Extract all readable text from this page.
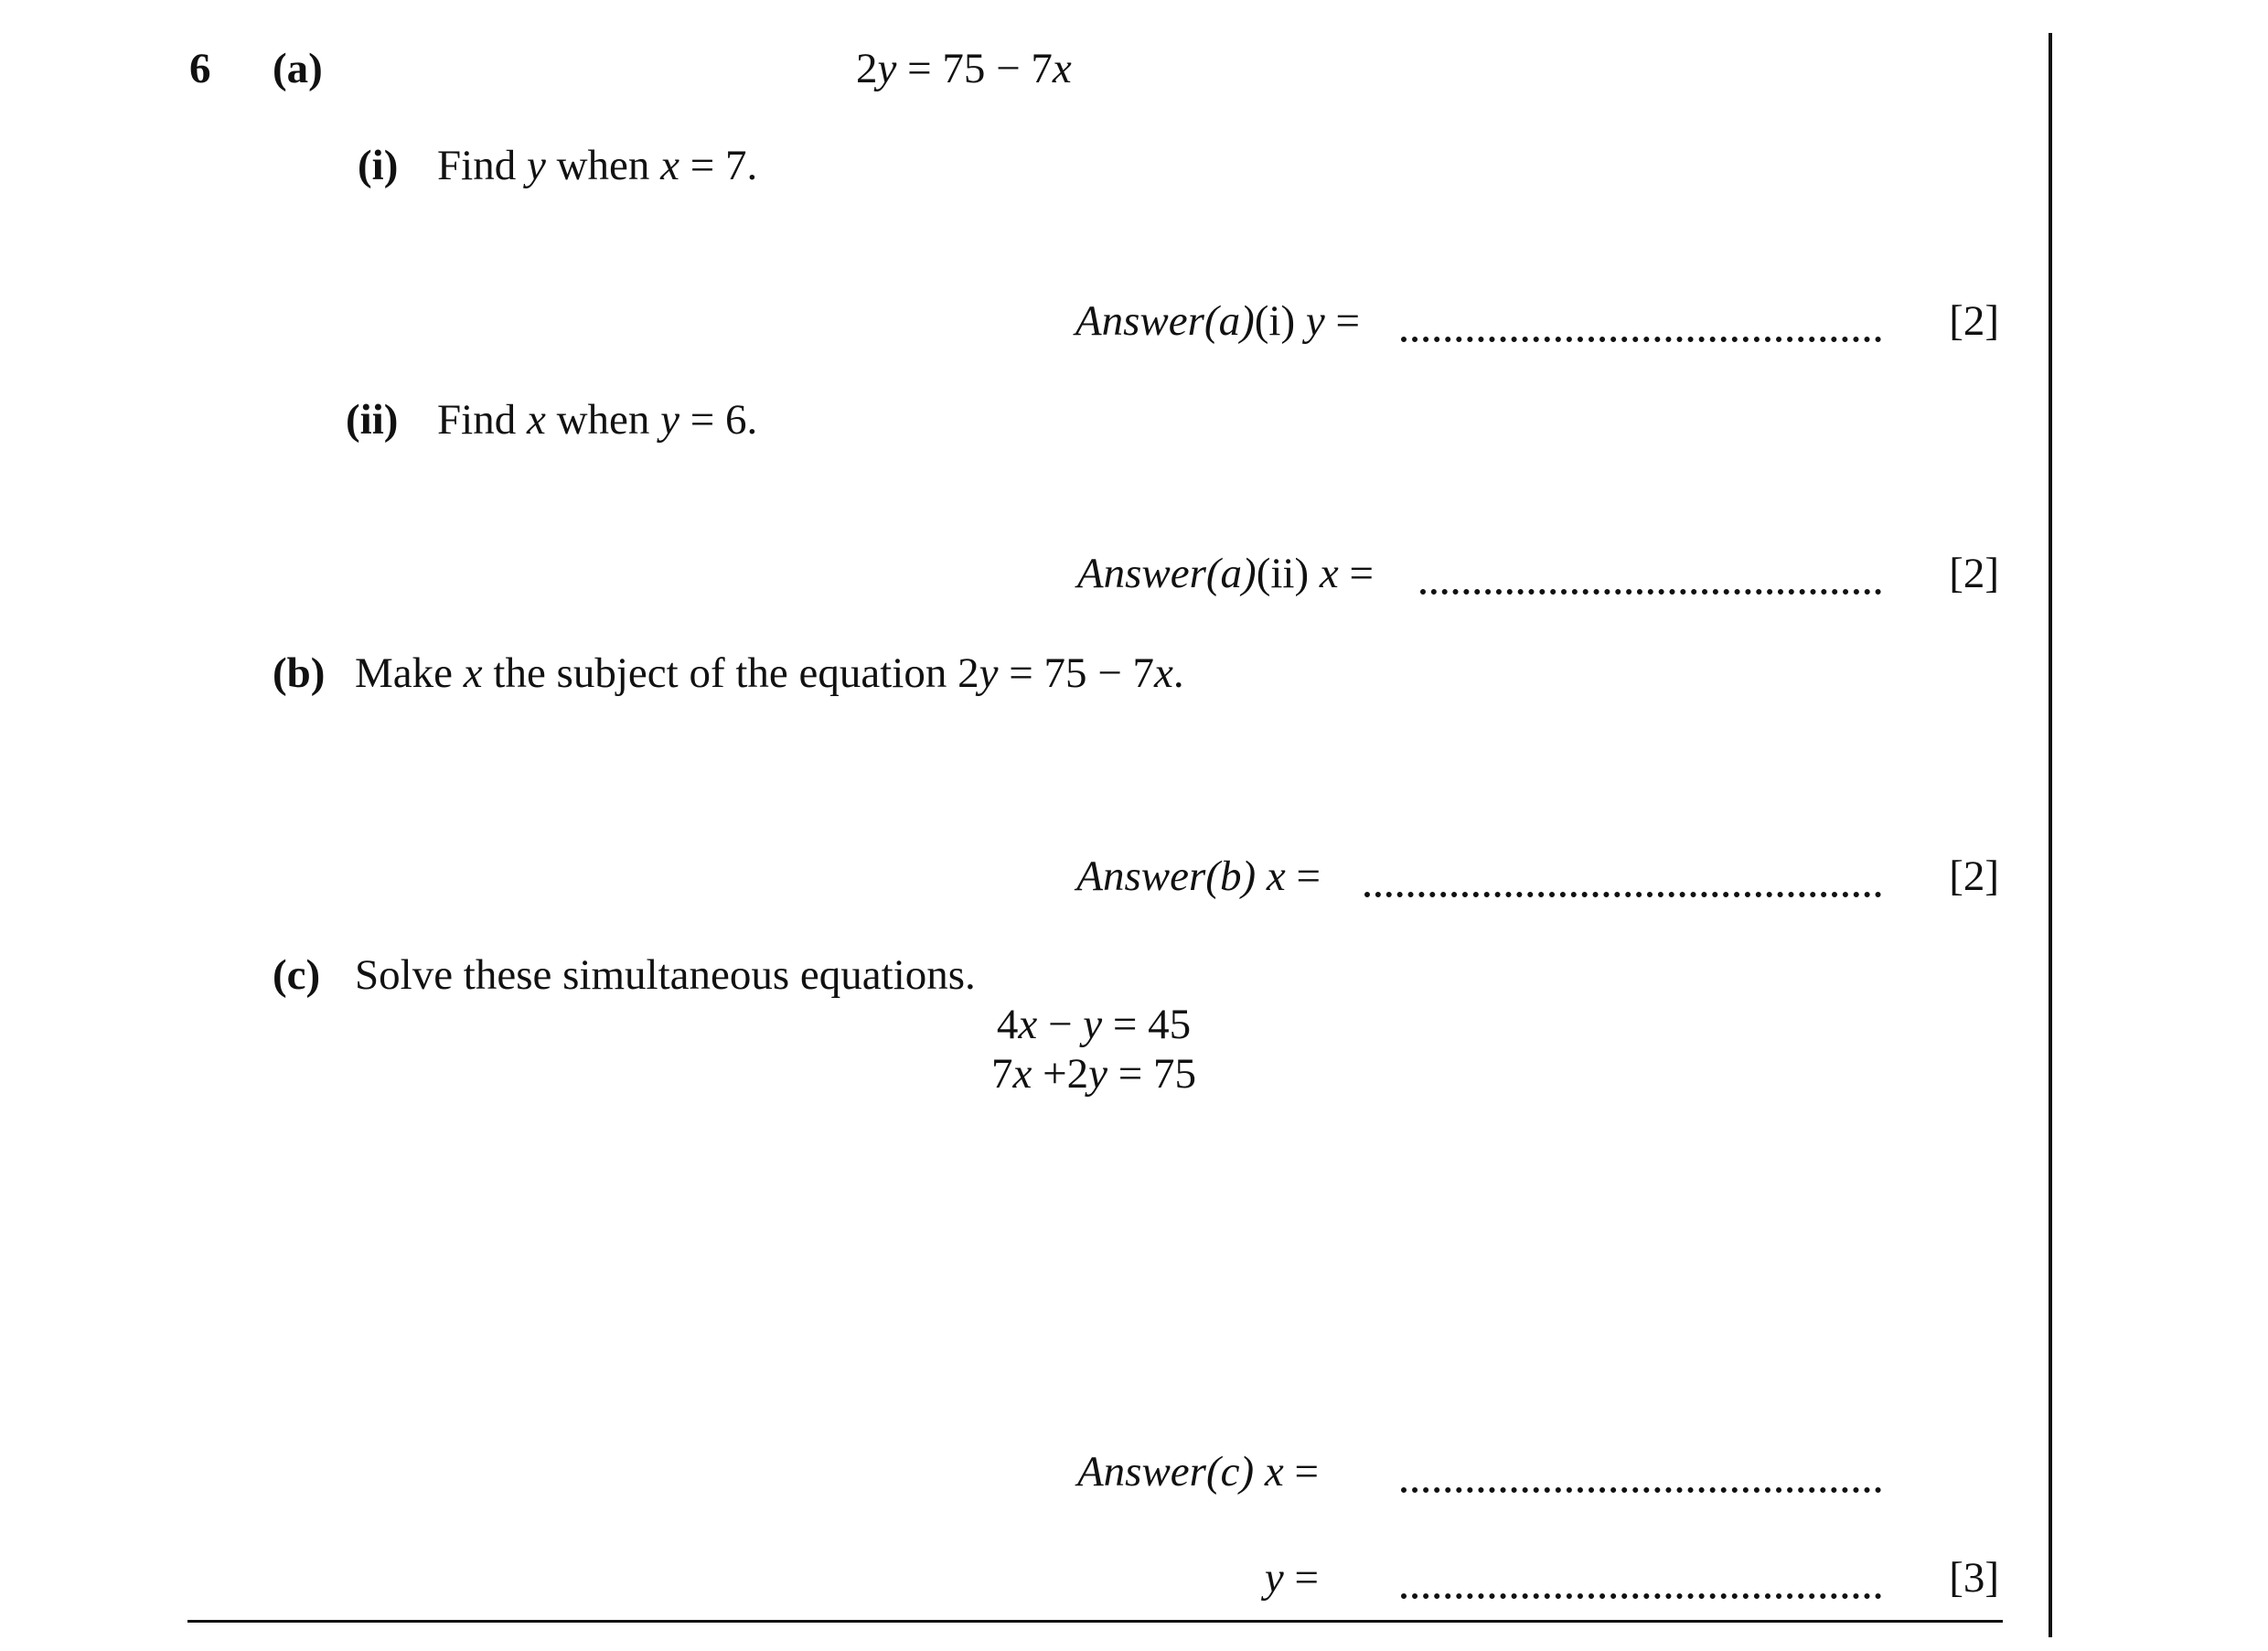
6 (a)	2y = 75 − 7x
(i) Find y when x = 7.
Answer(a)(i) y =	[2]
(ii) Find x when y = 6.
Answer(a)(ii) x =	[2]
(b) Make x the subject of the equation 2y = 75 − 7x.
Answer(b) x =	[2]
(c) Solve these simultaneous equations.
4x − y = 45
7x +2y = 75
Answer(c) x =
y =	[3]
